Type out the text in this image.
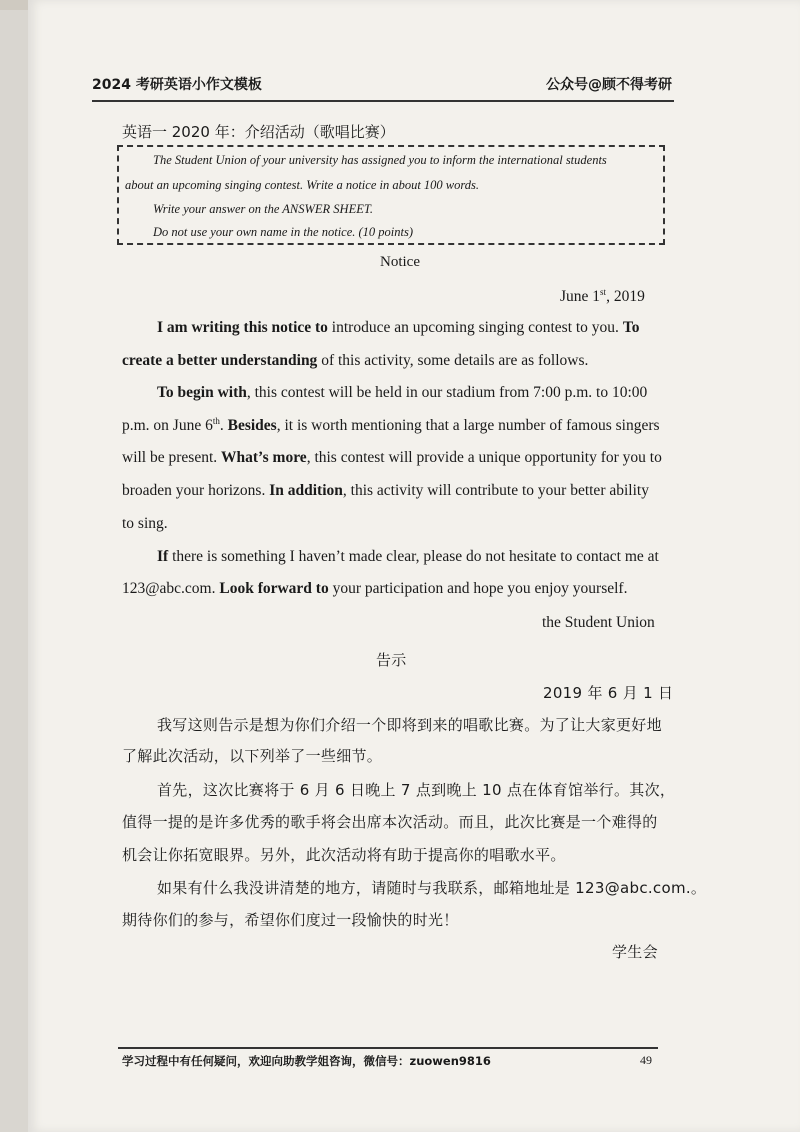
2024 考研英语小作文模板	公众号@顾不得考研
英语一 2020 年：介绍活动（歌唱比赛）
The Student Union of your university has assigned you to inform the international students
about an upcoming singing contest. Write a notice in about 100 words.
Write your answer on the ANSWER SHEET.
Do not use your own name in the notice. (10 points)
Notice
June 1st, 2019
I am writing this notice to introduce an upcoming singing contest to you. To
create a better understanding of this activity, some details are as follows.
To begin with, this contest will be held in our stadium from 7:00 p.m. to 10:00
p.m. on June 6th. Besides, it is worth mentioning that a large number of famous singers
will be present. What’s more, this contest will provide a unique opportunity for you to
broaden your horizons. In addition, this activity will contribute to your better ability
to sing.
If there is something I haven’t made clear, please do not hesitate to contact me at
123@abc.com. Look forward to your participation and hope you enjoy yourself.
the Student Union
告示
2019 年 6 月 1 日
我写这则告示是想为你们介绍一个即将到来的唱歌比赛。为了让大家更好地
了解此次活动，以下列举了一些细节。
首先，这次比赛将于 6 月 6 日晚上 7 点到晚上 10 点在体育馆举行。其次，
值得一提的是许多优秀的歌手将会出席本次活动。而且，此次比赛是一个难得的
机会让你拓宽眼界。另外，此次活动将有助于提高你的唱歌水平。
如果有什么我没讲清楚的地方，请随时与我联系，邮箱地址是 123@abc.com.。
期待你们的参与，希望你们度过一段愉快的时光！
学生会
学习过程中有任何疑问，欢迎向助教学姐咨询，微信号：zuowen9816	49
